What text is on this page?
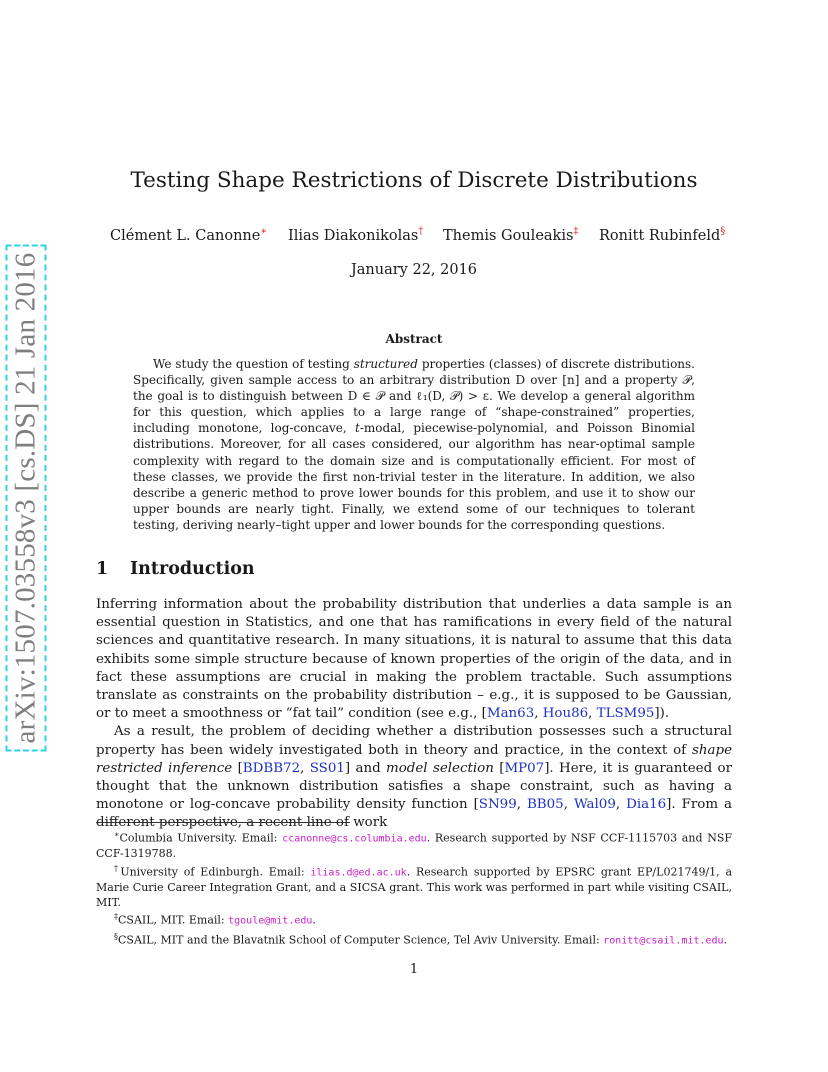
arXiv:1507.03558v3 [cs.DS] 21 Jan 2016
Testing Shape Restrictions of Discrete Distributions
Clément L. Canonne∗ Ilias Diakonikolas† Themis Gouleakis‡ Ronitt Rubinfeld§
January 22, 2016
Abstract

We study the question of testing structured properties (classes) of discrete distributions. Specifically, given sample access to an arbitrary distribution D over [n] and a property 𝒫, the goal is to distinguish between D ∈ 𝒫 and ℓ₁(D, 𝒫) > ε. We develop a general algorithm for this question, which applies to a large range of “shape-constrained” properties, including monotone, log-concave, t-modal, piecewise-polynomial, and Poisson Binomial distributions. Moreover, for all cases considered, our algorithm has near-optimal sample complexity with regard to the domain size and is computationally efficient. For most of these classes, we provide the first non-trivial tester in the literature. In addition, we also describe a generic method to prove lower bounds for this problem, and use it to show our upper bounds are nearly tight. Finally, we extend some of our techniques to tolerant testing, deriving nearly–tight upper and lower bounds for the corresponding questions.

1 Introduction

Inferring information about the probability distribution that underlies a data sample is an essential question in Statistics, and one that has ramifications in every field of the natural sciences and quantitative research. In many situations, it is natural to assume that this data exhibits some simple structure because of known properties of the origin of the data, and in fact these assumptions are crucial in making the problem tractable. Such assumptions translate as constraints on the probability distribution – e.g., it is supposed to be Gaussian, or to meet a smoothness or “fat tail” condition (see e.g., [Man63, Hou86, TLSM95]).

As a result, the problem of deciding whether a distribution possesses such a structural property has been widely investigated both in theory and practice, in the context of shape restricted inference [BDBB72, SS01] and model selection [MP07]. Here, it is guaranteed or thought that the unknown distribution satisfies a shape constraint, such as having a monotone or log-concave probability density function [SN99, BB05, Wal09, Dia16]. From a different perspective, a recent line of work

∗Columbia University. Email: ccanonne@cs.columbia.edu. Research supported by NSF CCF-1115703 and NSF CCF-1319788.

†University of Edinburgh. Email: ilias.d@ed.ac.uk. Research supported by EPSRC grant EP/L021749/1, a Marie Curie Career Integration Grant, and a SICSA grant. This work was performed in part while visiting CSAIL, MIT.

‡CSAIL, MIT. Email: tgoule@mit.edu.

§CSAIL, MIT and the Blavatnik School of Computer Science, Tel Aviv University. Email: ronitt@csail.mit.edu.

1
